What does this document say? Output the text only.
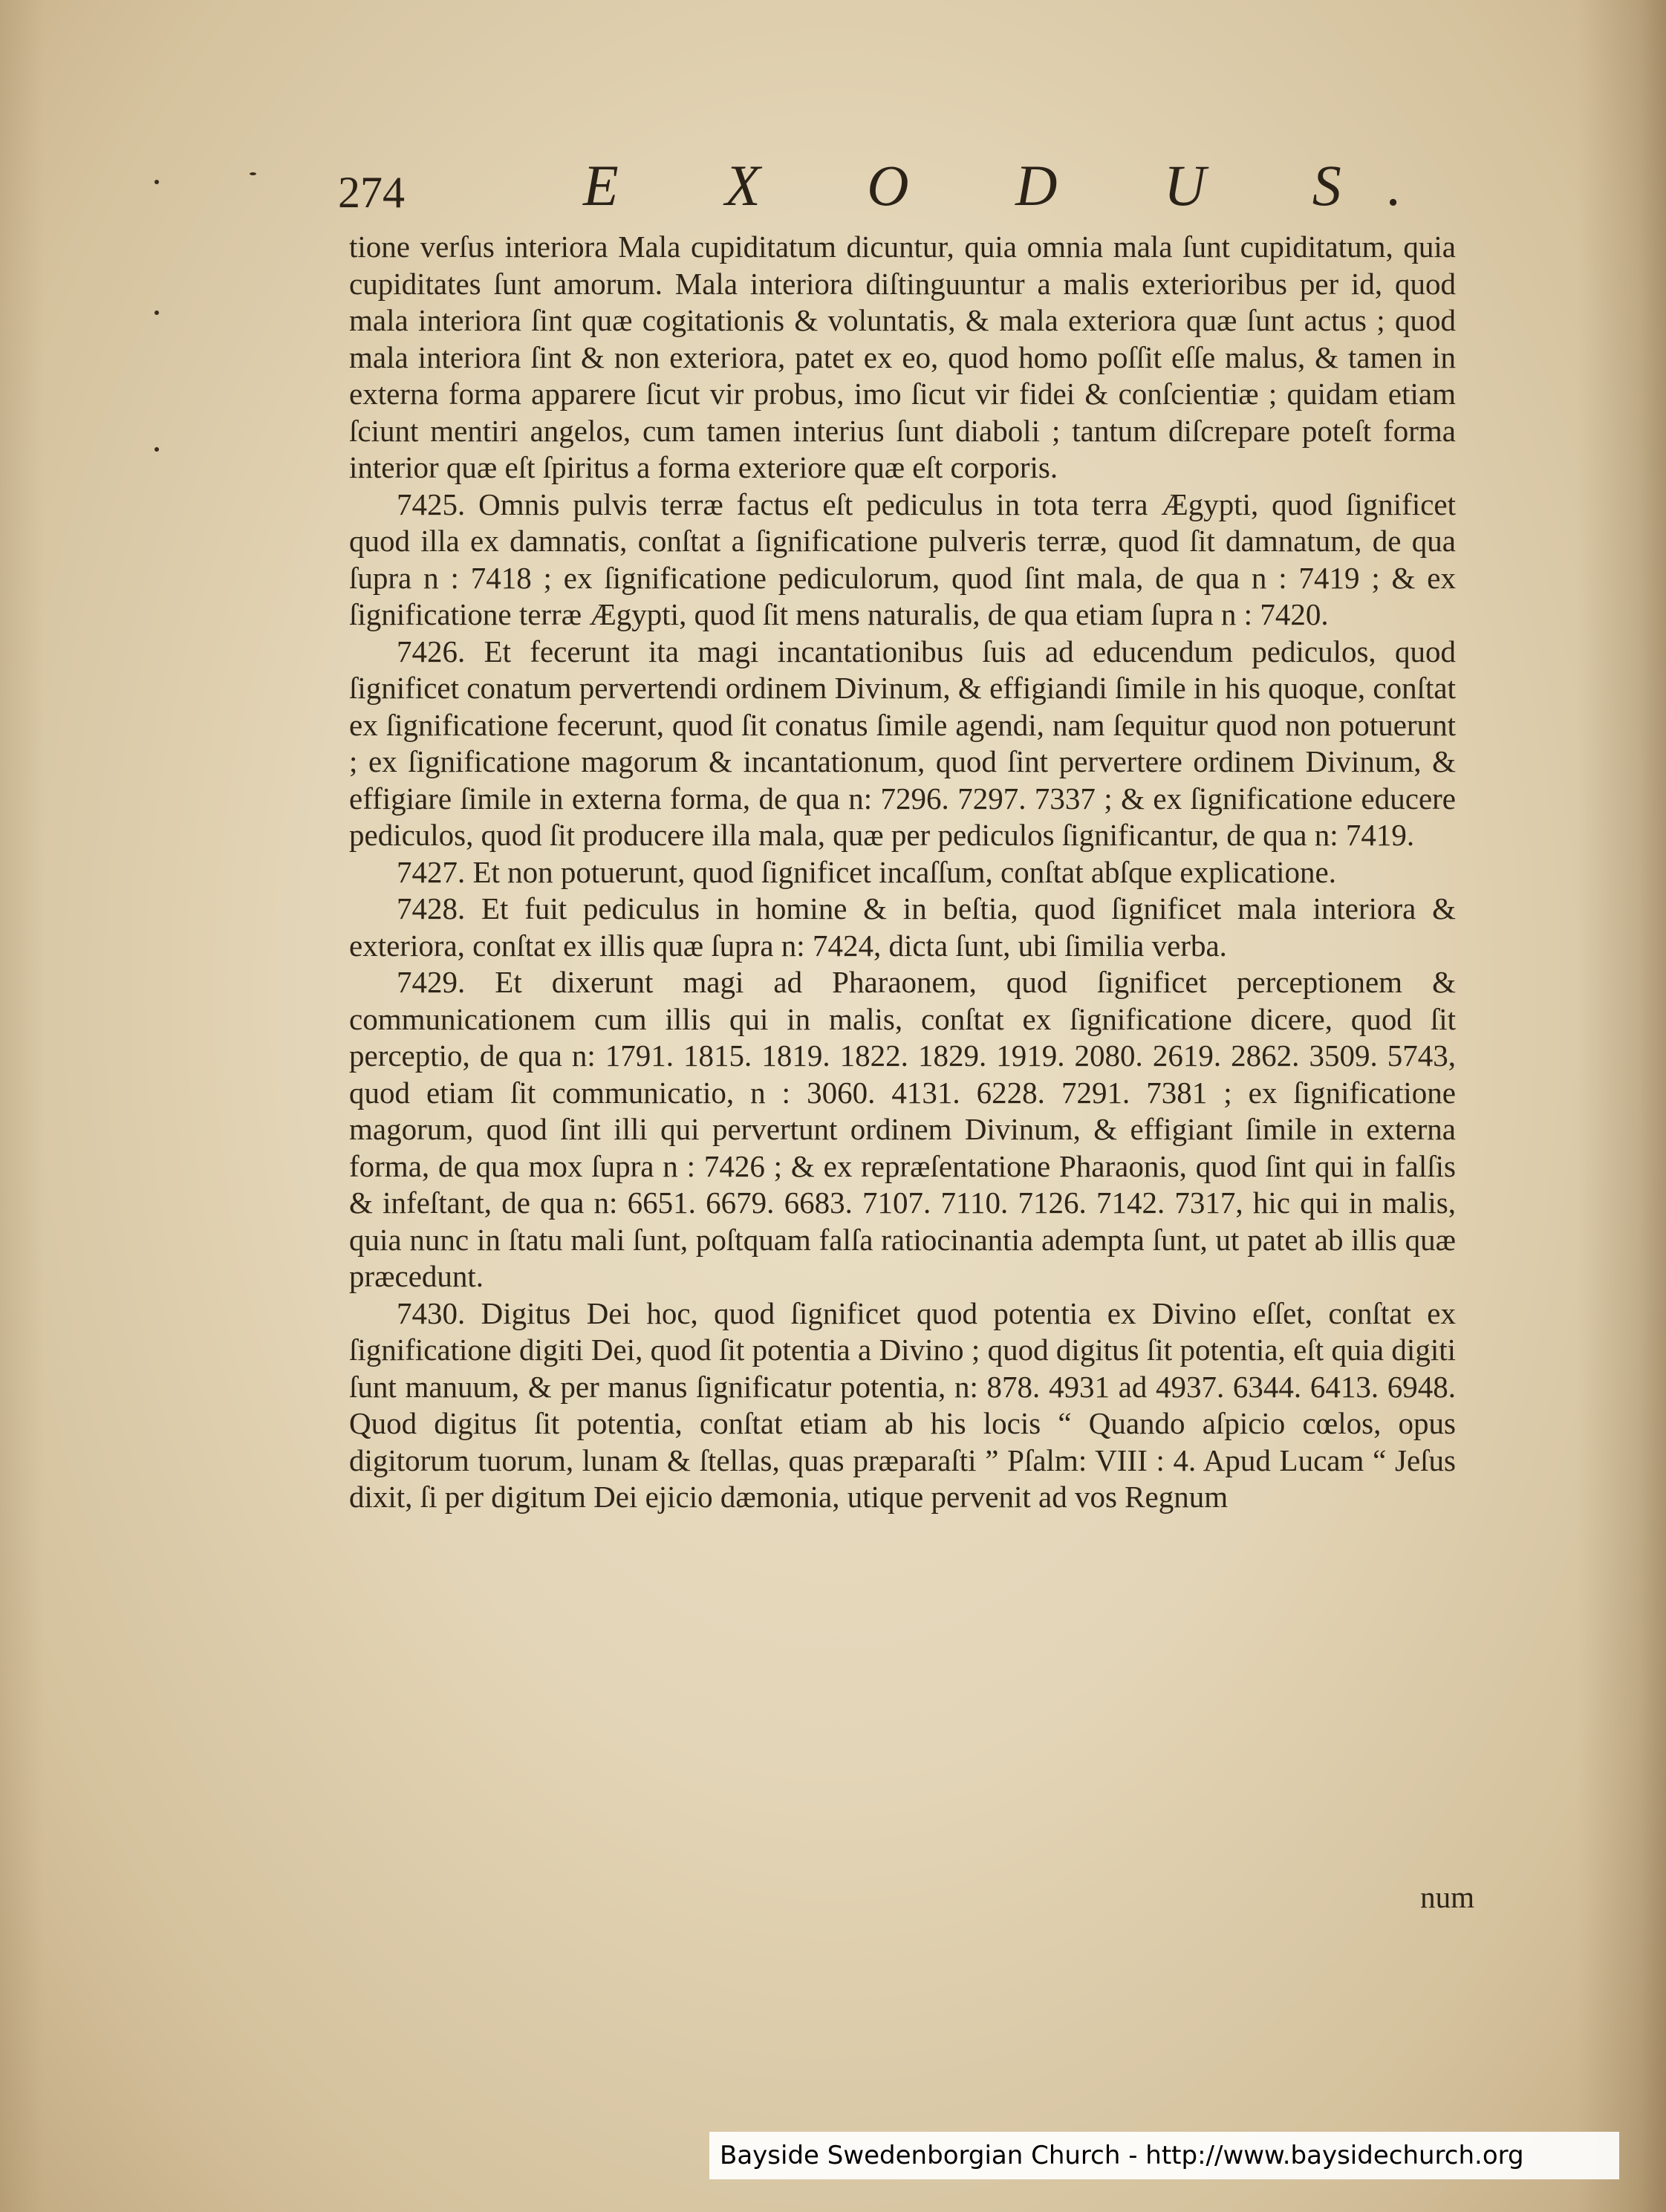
274	E X O D U S.

tione verſus interiora Mala cupiditatum dicuntur, quia omnia mala ſunt cupiditatum, quia cupiditates ſunt amorum. Mala interiora diſtinguuntur a malis exterioribus per id, quod mala interiora ſint quæ cogitationis & voluntatis, & mala exteriora quæ ſunt actus ; quod mala interiora ſint & non exteriora, patet ex eo, quod homo poſſit eſſe malus, & tamen in externa forma apparere ſicut vir probus, imo ſicut vir fidei & conſcientiæ ; quidam etiam ſciunt mentiri angelos, cum tamen interius ſunt diaboli ; tantum diſcrepare poteſt forma interior quæ eſt ſpiritus a forma exteriore quæ eſt corporis.

7425. Omnis pulvis terræ factus eſt pediculus in tota terra Ægypti, quod ſignificet quod illa ex damnatis, conſtat a ſignificatione pulveris terræ, quod ſit damnatum, de qua ſupra n : 7418 ; ex ſignificatione pediculorum, quod ſint mala, de qua n : 7419 ; & ex ſignificatione terræ Ægypti, quod ſit mens naturalis, de qua etiam ſupra n : 7420.

7426. Et fecerunt ita magi incantationibus ſuis ad educendum pediculos, quod ſignificet conatum pervertendi ordinem Divinum, & effigiandi ſimile in his quoque, conſtat ex ſignificatione fecerunt, quod ſit conatus ſimile agendi, nam ſequitur quod non potuerunt ; ex ſignificatione magorum & incantationum, quod ſint pervertere ordinem Divinum, & effigiare ſimile in externa forma, de qua n: 7296. 7297. 7337 ; & ex ſignificatione educere pediculos, quod ſit producere illa mala, quæ per pediculos ſignificantur, de qua n: 7419.

7427. Et non potuerunt, quod ſignificet incaſſum, conſtat abſque explicatione.

7428. Et fuit pediculus in homine & in beſtia, quod ſignificet mala interiora & exteriora, conſtat ex illis quæ ſupra n: 7424, dicta ſunt, ubi ſimilia verba.

7429. Et dixerunt magi ad Pharaonem, quod ſignificet perceptionem & communicationem cum illis qui in malis, conſtat ex ſignificatione dicere, quod ſit perceptio, de qua n: 1791. 1815. 1819. 1822. 1829. 1919. 2080. 2619. 2862. 3509. 5743, quod etiam ſit communicatio, n : 3060. 4131. 6228. 7291. 7381 ; ex ſignificatione magorum, quod ſint illi qui pervertunt ordinem Divinum, & effigiant ſimile in externa forma, de qua mox ſupra n : 7426 ; & ex repræſentatione Pharaonis, quod ſint qui in falſis & infeſtant, de qua n: 6651. 6679. 6683. 7107. 7110. 7126. 7142. 7317, hic qui in malis, quia nunc in ſtatu mali ſunt, poſtquam falſa ratiocinantia adempta ſunt, ut patet ab illis quæ præcedunt.

7430. Digitus Dei hoc, quod ſignificet quod potentia ex Divino eſſet, conſtat ex ſignificatione digiti Dei, quod ſit potentia a Divino ; quod digitus ſit potentia, eſt quia digiti ſunt manuum, & per manus ſignificatur potentia, n: 878. 4931 ad 4937. 6344. 6413. 6948. Quod digitus ſit potentia, conſtat etiam ab his locis “ Quando aſpicio cœlos, opus digitorum tuorum, lunam & ſtellas, quas præparaſti ” Pſalm: VIII : 4. Apud Lucam “ Jeſus dixit, ſi per digitum Dei ejicio dæmonia, utique pervenit ad vos Regnum

num
Bayside Swedenborgian Church - http://www.baysidechurch.org
